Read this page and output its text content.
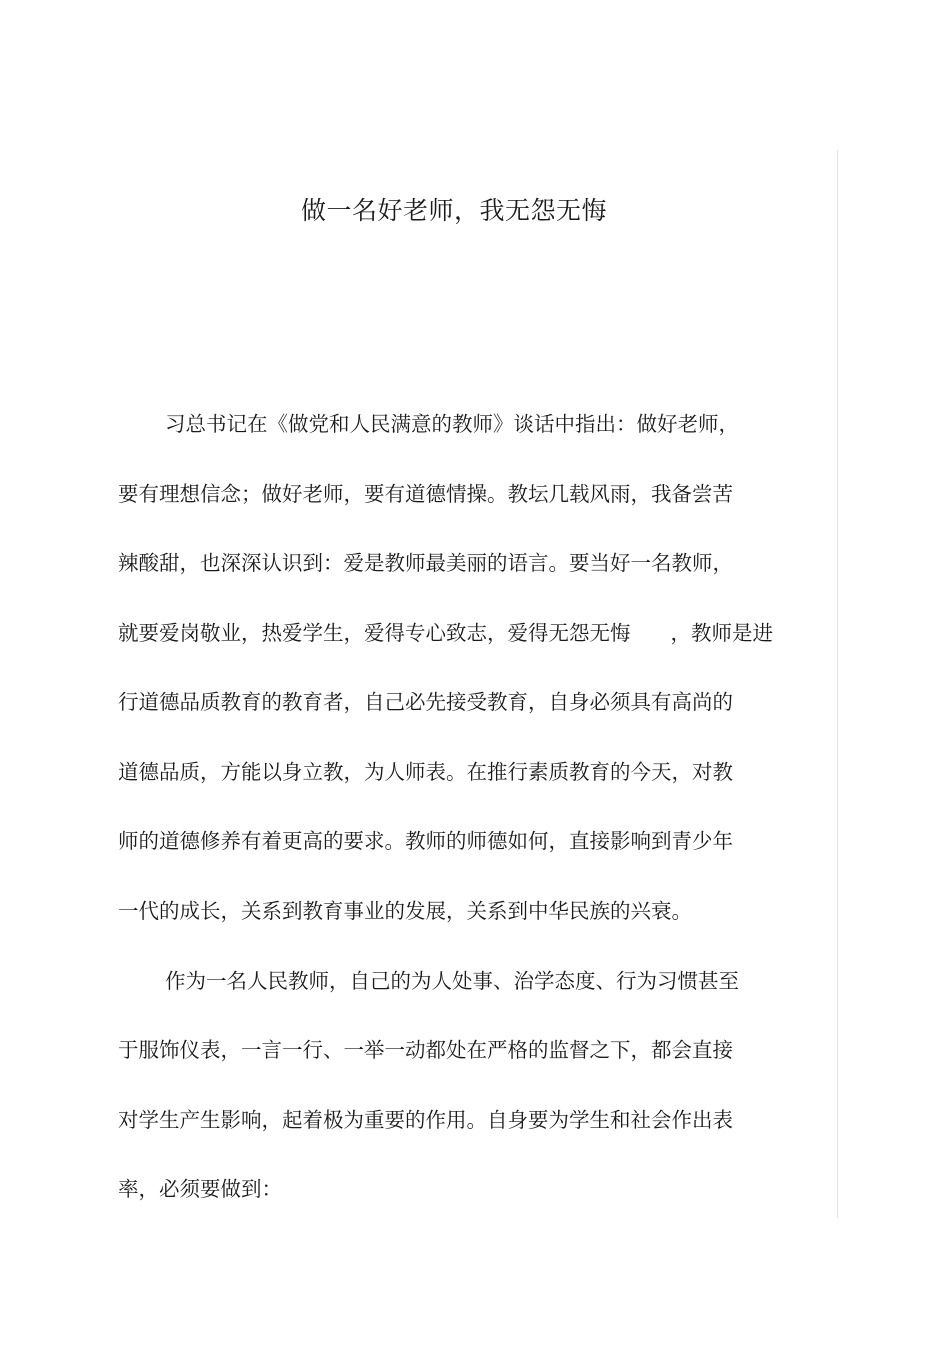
做一名好老师，我无怨无悔
习总书记在《做党和人民满意的教师》谈话中指出：做好老师，
要有理想信念；做好老师，要有道德情操。教坛几载风雨，我备尝苦
辣酸甜，也深深认识到：爱是教师最美丽的语言。要当好一名教师，
就要爱岗敬业，热爱学生，爱得专心致志，爱得无怨无悔 ，教师是进
行道德品质教育的教育者，自己必先接受教育，自身必须具有高尚的
道德品质，方能以身立教，为人师表。在推行素质教育的今天，对教
师的道德修养有着更高的要求。教师的师德如何，直接影响到青少年
一代的成长，关系到教育事业的发展，关系到中华民族的兴衰。
作为一名人民教师，自己的为人处事、治学态度、行为习惯甚至
于服饰仪表，一言一行、一举一动都处在严格的监督之下，都会直接
对学生产生影响，起着极为重要的作用。自身要为学生和社会作出表
率，必须要做到：
